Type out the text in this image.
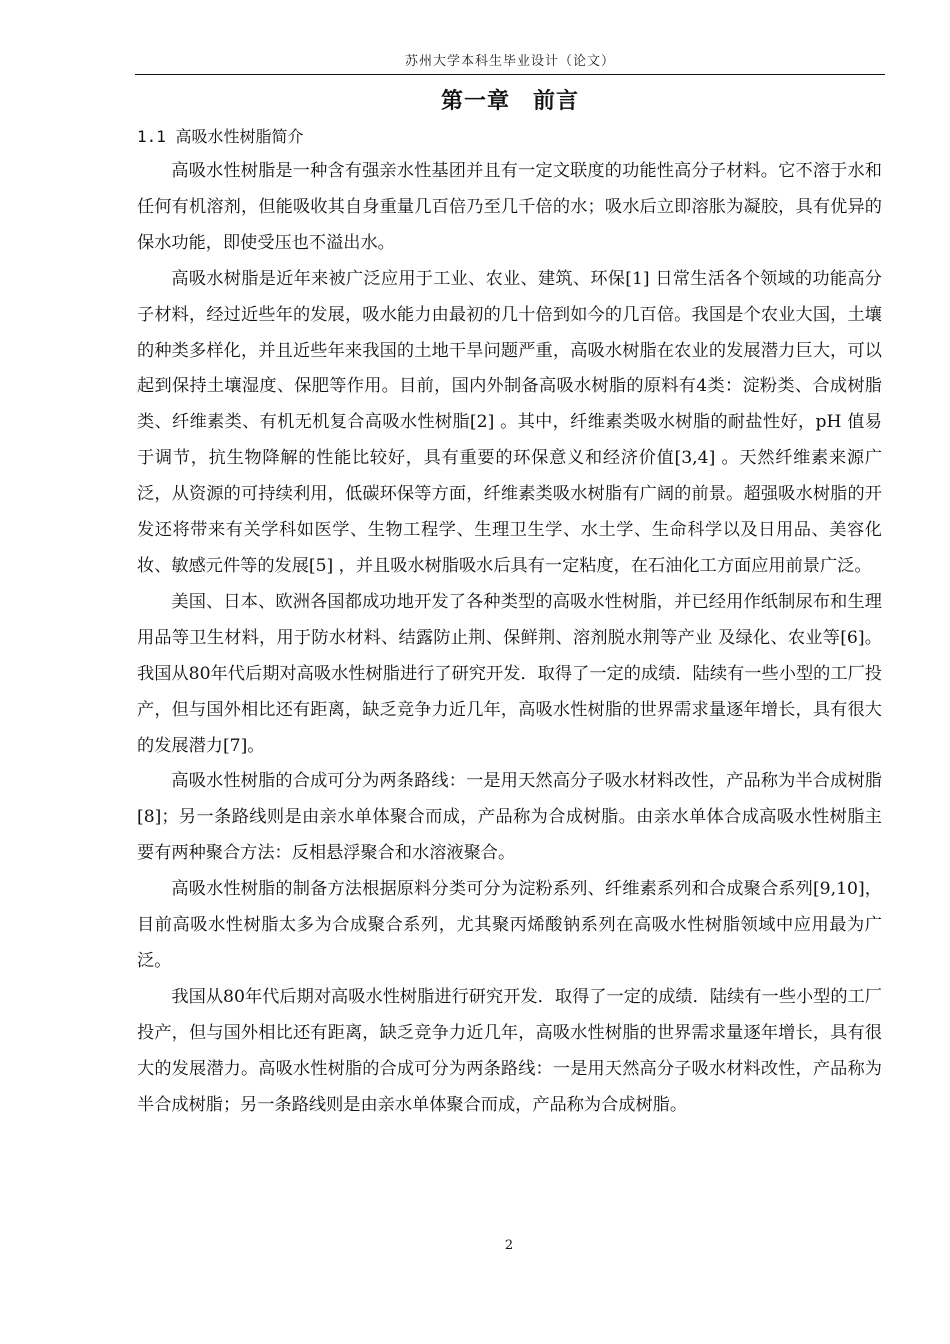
苏州大学本科生毕业设计（论文）
第一章　前言
1.1 高吸水性树脂简介

高吸水性树脂是一种含有强亲水性基团并且有一定文联度的功能性高分子材料。它不溶于水和任何有机溶剂，但能吸收其自身重量几百倍乃至几千倍的水；吸水后立即溶胀为凝胶，具有优异的保水功能，即使受压也不溢出水。

高吸水树脂是近年来被广泛应用于工业、农业、建筑、环保[1] 日常生活各个领域的功能高分子材料，经过近些年的发展，吸水能力由最初的几十倍到如今的几百倍。我国是个农业大国，土壤的种类多样化，并且近些年来我国的土地干旱问题严重，高吸水树脂在农业的发展潜力巨大，可以起到保持土壤湿度、保肥等作用。目前，国内外制备高吸水树脂的原料有4类：淀粉类、合成树脂类、纤维素类、有机无机复合高吸水性树脂[2] 。其中，纤维素类吸水树脂的耐盐性好，pH 值易于调节，抗生物降解的性能比较好，具有重要的环保意义和经济价值[3,4] 。天然纤维素来源广泛，从资源的可持续利用，低碳环保等方面，纤维素类吸水树脂有广阔的前景。超强吸水树脂的开发还将带来有关学科如医学、生物工程学、生理卫生学、水土学、生命科学以及日用品、美容化妆、敏感元件等的发展[5] ，并且吸水树脂吸水后具有一定粘度，在石油化工方面应用前景广泛。

美国、日本、欧洲各国都成功地开发了各种类型的高吸水性树脂，并已经用作纸制尿布和生理用品等卫生材料，用于防水材料、结露防止荆、保鲜荆、溶剂脱水荆等产业 及绿化、农业等[6]。我国从80年代后期对高吸水性树脂进行了研究开发．取得了一定的成绩．陆续有一些小型的工厂投产，但与国外相比还有距离，缺乏竞争力近几年，高吸水性树脂的世界需求量逐年增长，具有很大的发展潜力[7]。

高吸水性树脂的合成可分为两条路线：一是用天然高分子吸水材料改性，产品称为半合成树脂[8]；另一条路线则是由亲水单体聚合而成，产品称为合成树脂。由亲水单体合成高吸水性树脂主要有两种聚合方法：反相悬浮聚合和水溶液聚合。

高吸水性树脂的制备方法根据原料分类可分为淀粉系列、纤维素系列和合成聚合系列[9,10]，目前高吸水性树脂太多为合成聚合系列，尤其聚丙烯酸钠系列在高吸水性树脂领域中应用最为广泛。

我国从80年代后期对高吸水性树脂进行研究开发．取得了一定的成绩．陆续有一些小型的工厂投产，但与国外相比还有距离，缺乏竞争力近几年，高吸水性树脂的世界需求量逐年增长，具有很大的发展潜力。高吸水性树脂的合成可分为两条路线：一是用天然高分子吸水材料改性，产品称为半合成树脂；另一条路线则是由亲水单体聚合而成，产品称为合成树脂。

2
